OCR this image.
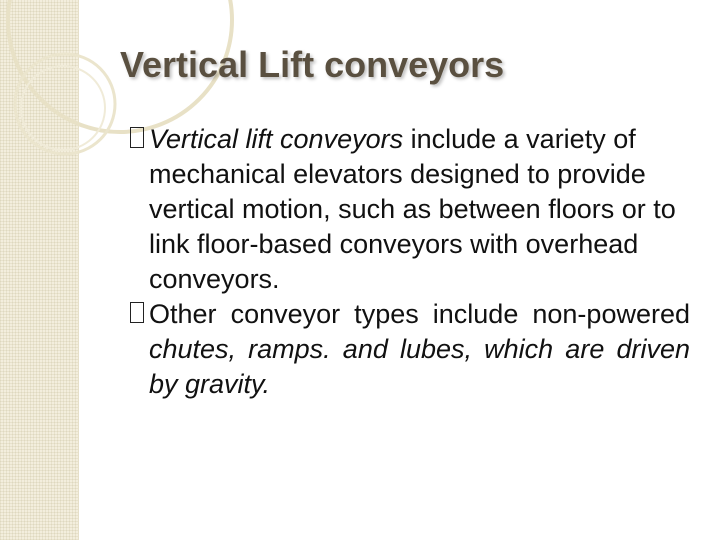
Vertical Lift conveyors

Vertical lift conveyors include a variety of mechanical elevators designed to provide vertical motion, such as between floors or to link floor-based conveyors with overhead conveyors.

Other conveyor types include non-powered chutes, ramps. and lubes, which are driven by gravity.
